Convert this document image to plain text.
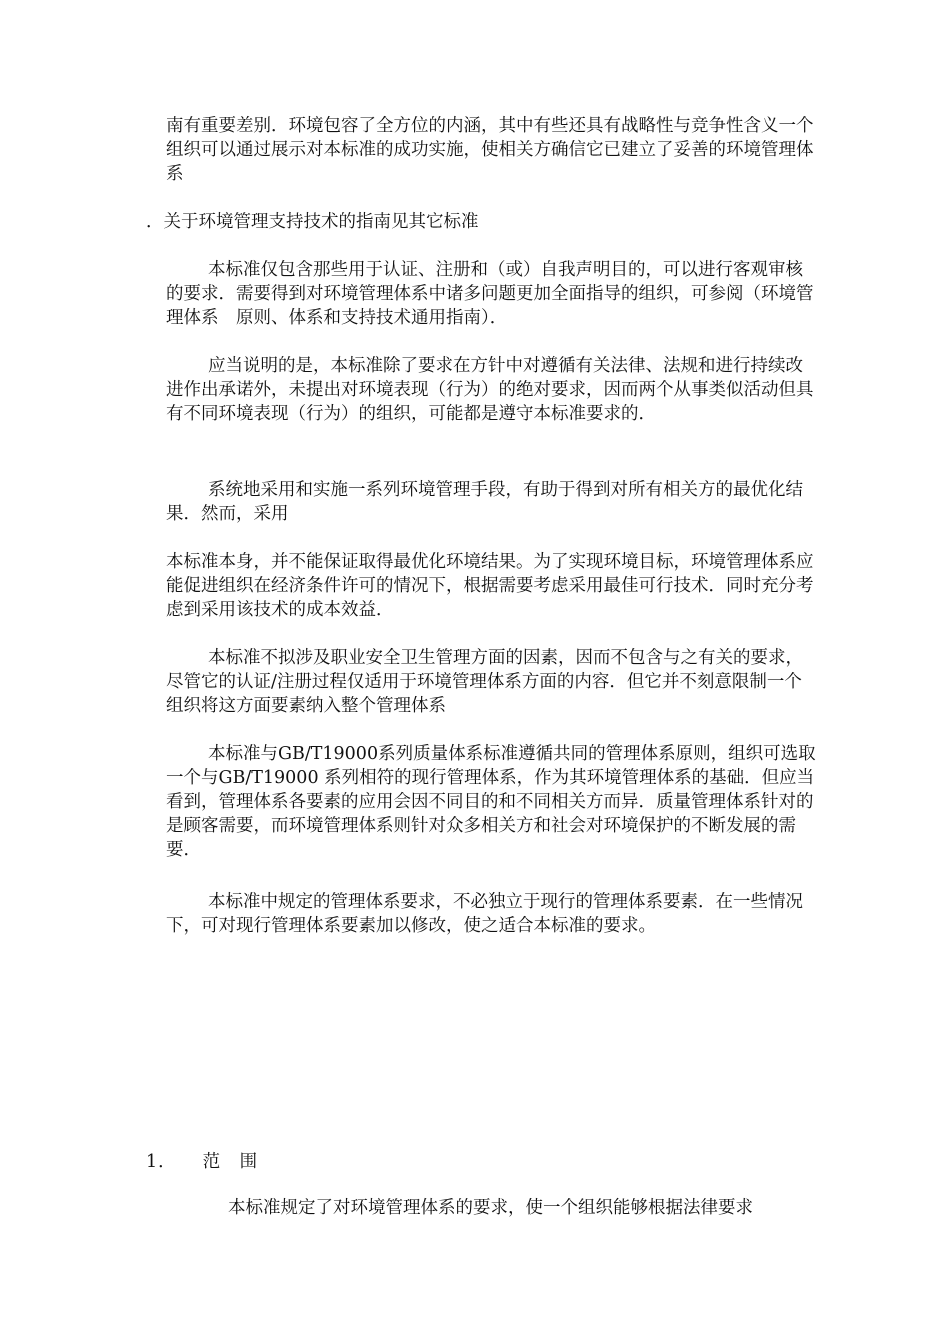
南有重要差别．环境包容了全方位的内涵，其中有些还具有战略性与竞争性含义一个组织可以通过展示对本标准的成功实施，使相关方确信它已建立了妥善的环境管理体系

．关于环境管理支持技术的指南见其它标准

本标准仅包含那些用于认证、注册和（或）自我声明目的，可以进行客观审核的要求．需要得到对环境管理体系中诸多问题更加全面指导的组织，可参阅（环境管理体系　原则、体系和支持技术通用指南）．

应当说明的是，本标准除了要求在方针中对遵循有关法律、法规和进行持续改进作出承诺外，未提出对环境表现（行为）的绝对要求，因而两个从事类似活动但具有不同环境表现（行为）的组织，可能都是遵守本标准要求的．

系统地采用和实施一系列环境管理手段，有助于得到对所有相关方的最优化结果．然而，采用

本标准本身，并不能保证取得最优化环境结果。为了实现环境目标，环境管理体系应能促进组织在经济条件许可的情况下，根据需要考虑采用最佳可行技术．同时充分考虑到采用该技术的成本效益．

本标准不拟涉及职业安全卫生管理方面的因素，因而不包含与之有关的要求，尽管它的认证/注册过程仅适用于环境管理体系方面的内容．但它并不刻意限制一个组织将这方面要素纳入整个管理体系

本标准与GB/T19000系列质量体系标准遵循共同的管理体系原则，组织可选取一个与GB/T19000 系列相符的现行管理体系，作为其环境管理体系的基础．但应当看到，管理体系各要素的应用会因不同目的和不同相关方而异．质量管理体系针对的是顾客需要，而环境管理体系则针对众多相关方和社会对环境保护的不断发展的需要．

本标准中规定的管理体系要求，不必独立于现行的管理体系要素．在一些情况下，可对现行管理体系要素加以修改，使之适合本标准的要求。

1． 范　围

本标准规定了对环境管理体系的要求，使一个组织能够根据法律要求
